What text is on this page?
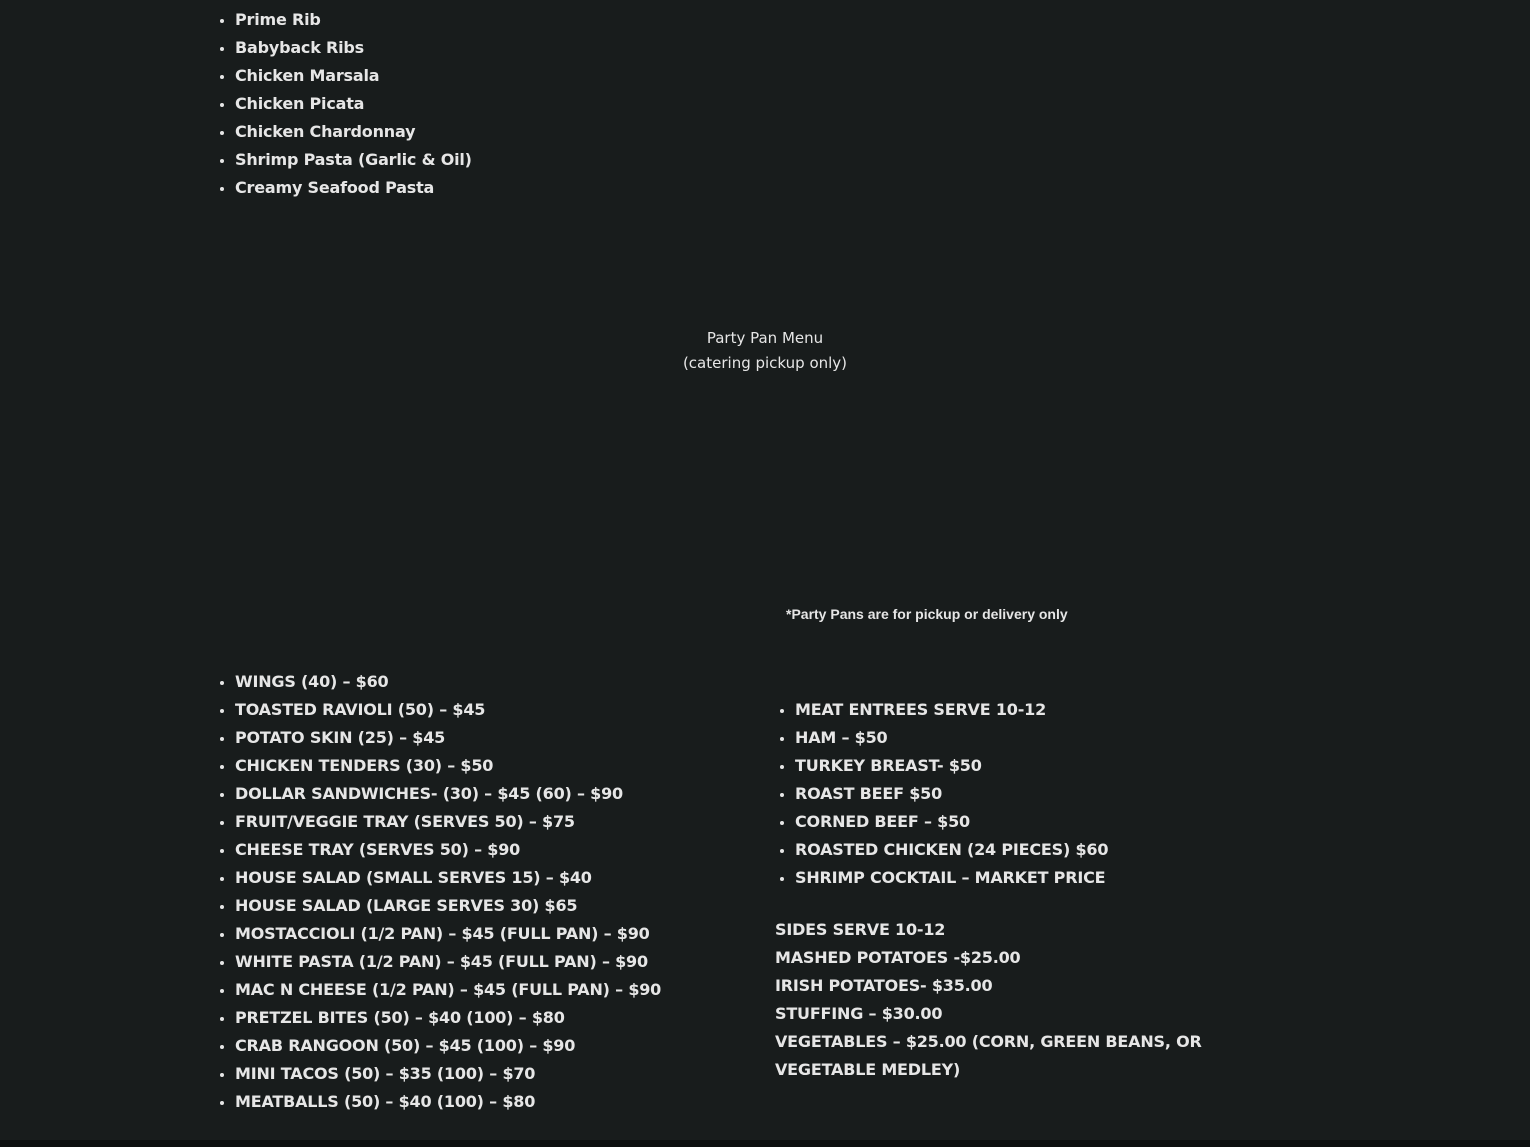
• Prime Rib
• Babyback Ribs
• Chicken Marsala
• Chicken Picata
• Chicken Chardonnay
• Shrimp Pasta (Garlic & Oil)
• Creamy Seafood Pasta
Party Pan Menu
(catering pickup only)
*Party Pans are for pickup or delivery only
• WINGS (40) – $60
• TOASTED RAVIOLI (50) – $45
• POTATO SKIN (25) – $45
• CHICKEN TENDERS (30) – $50
• DOLLAR SANDWICHES- (30) – $45 (60) – $90
• FRUIT/VEGGIE TRAY (SERVES 50) – $75
• CHEESE TRAY (SERVES 50) – $90
• HOUSE SALAD (SMALL SERVES 15) – $40
• HOUSE SALAD (LARGE SERVES 30) $65
• MOSTACCIOLI (1/2 PAN) – $45 (FULL PAN) – $90
• WHITE PASTA (1/2 PAN) – $45 (FULL PAN) – $90
• MAC N CHEESE (1/2 PAN) – $45 (FULL PAN) – $90
• PRETZEL BITES (50) – $40 (100) – $80
• CRAB RANGOON (50) – $45 (100) – $90
• MINI TACOS (50) – $35 (100) – $70
• MEATBALLS (50) – $40 (100) – $80
• MEAT ENTREES SERVE 10-12
• HAM – $50
• TURKEY BREAST- $50
• ROAST BEEF $50
• CORNED BEEF – $50
• ROASTED CHICKEN (24 PIECES) $60
• SHRIMP COCKTAIL – MARKET PRICE
SIDES SERVE 10-12
MASHED POTATOES -$25.00
IRISH POTATOES- $35.00
STUFFING – $30.00
VEGETABLES – $25.00 (CORN, GREEN BEANS, OR VEGETABLE MEDLEY)
